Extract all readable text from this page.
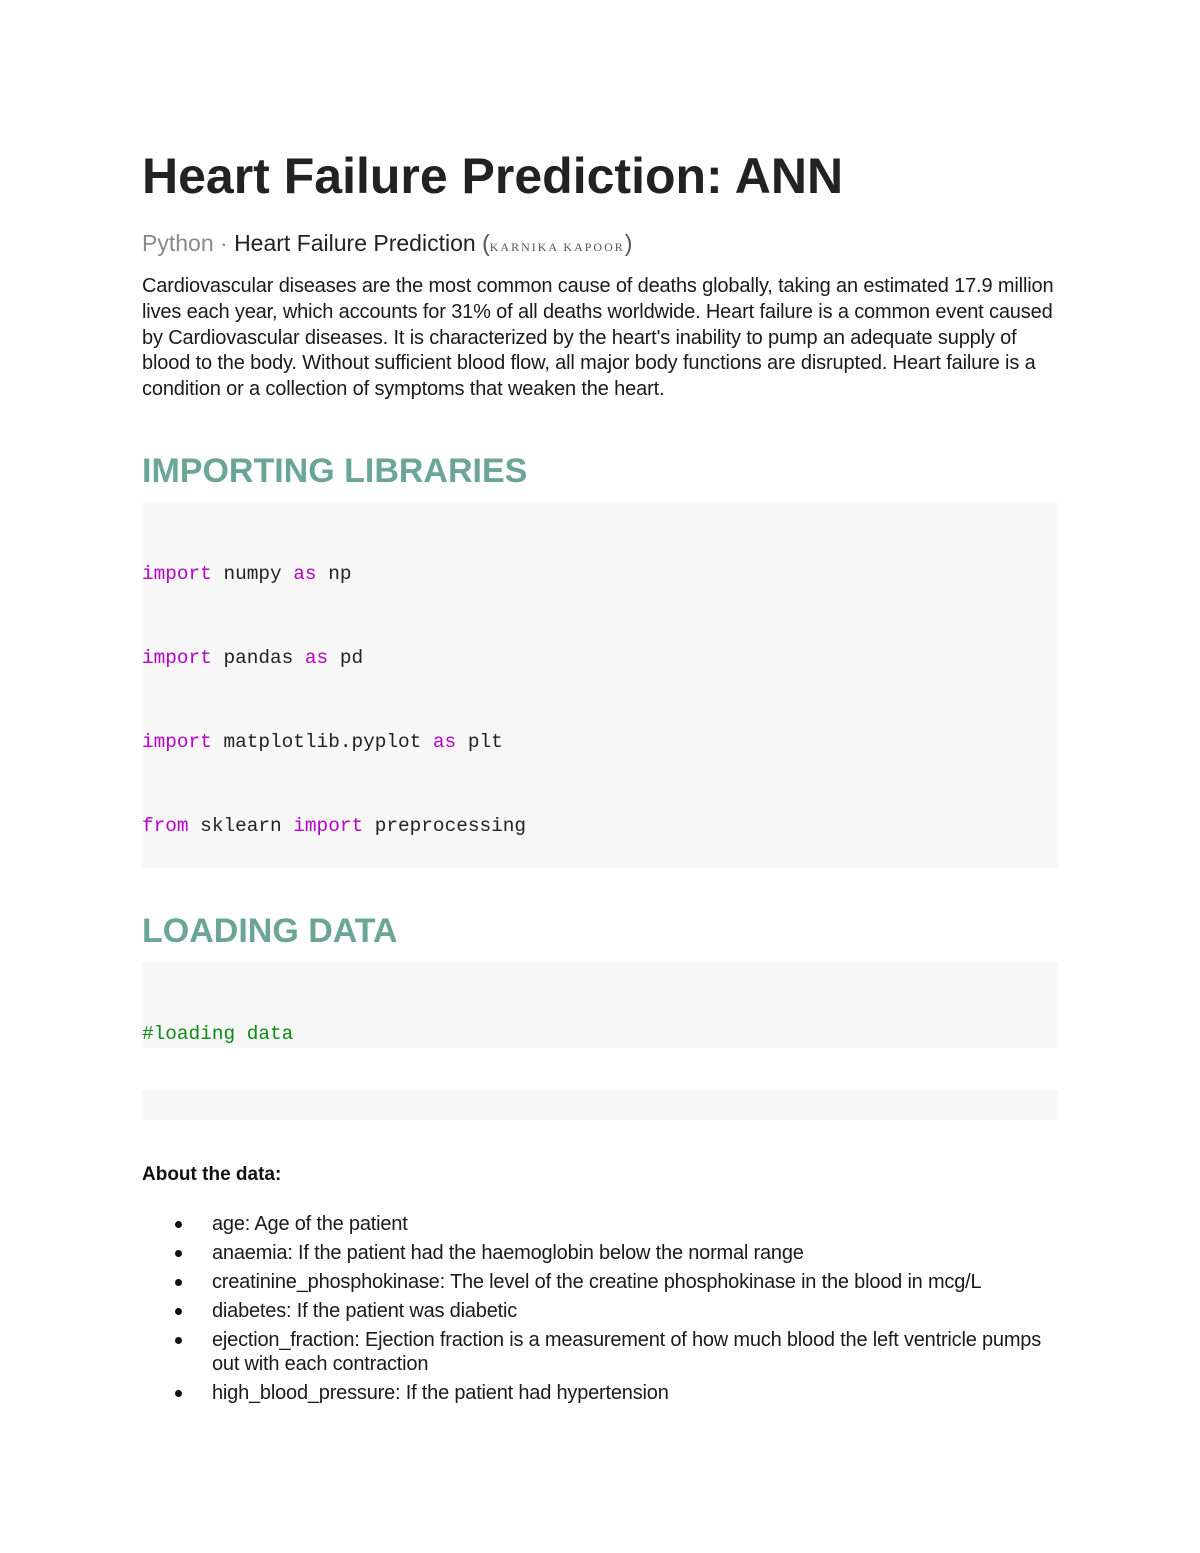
Heart Failure Prediction: ANN
Python · Heart Failure Prediction (KARNIKA KAPOOR)

Cardiovascular diseases are the most common cause of deaths globally, taking an estimated 17.9 million lives each year, which accounts for 31% of all deaths worldwide. Heart failure is a common event caused by Cardiovascular diseases. It is characterized by the heart's inability to pump an adequate supply of blood to the body. Without sufficient blood flow, all major body functions are disrupted. Heart failure is a condition or a collection of symptoms that weaken the heart.

IMPORTING LIBRARIES

import numpy as np

import pandas as pd

import matplotlib.pyplot as plt

from sklearn import preprocessing

LOADING DATA

#loading data

About the data:
age: Age of the patient
anaemia: If the patient had the haemoglobin below the normal range
creatinine_phosphokinase: The level of the creatine phosphokinase in the blood in mcg/L
diabetes: If the patient was diabetic
ejection_fraction: Ejection fraction is a measurement of how much blood the left ventricle pumps out with each contraction
high_blood_pressure: If the patient had hypertension
